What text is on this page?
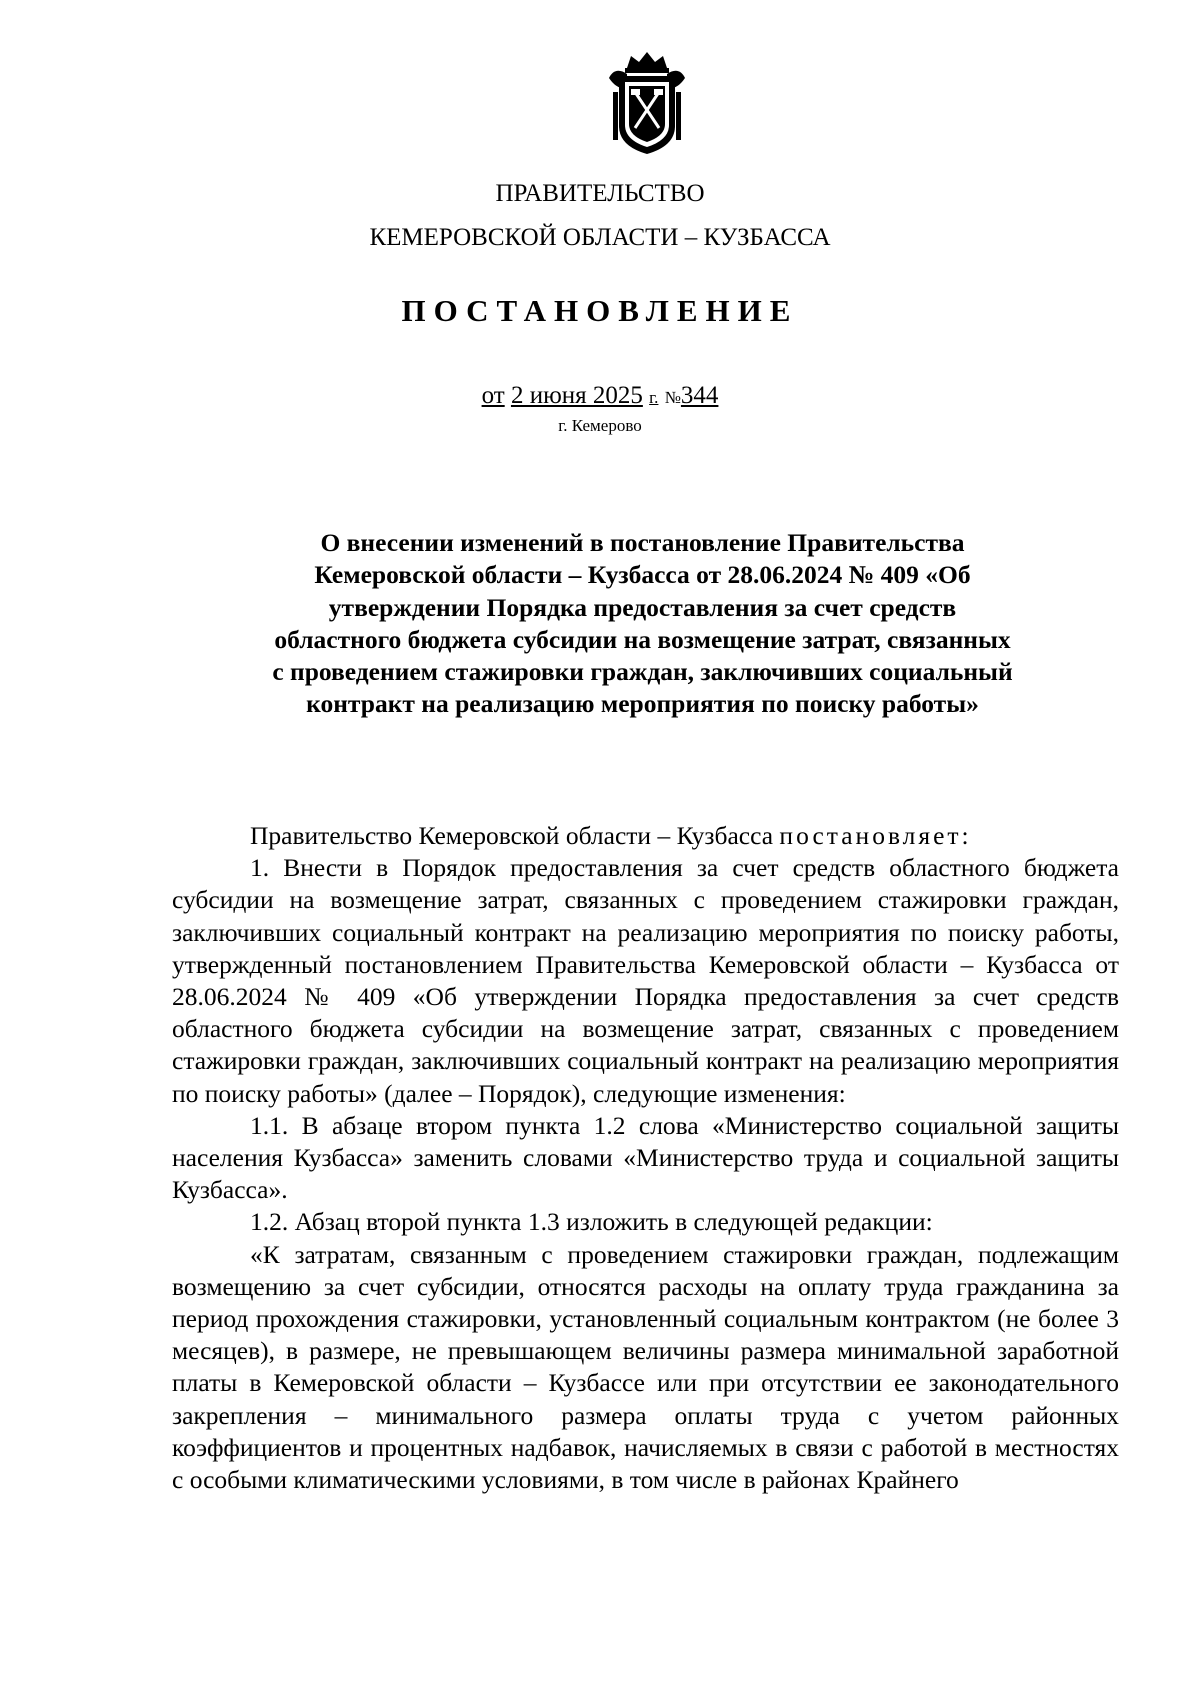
ПРАВИТЕЛЬСТВО
КЕМЕРОВСКОЙ ОБЛАСТИ – КУЗБАССА
ПОСТАНОВЛЕНИЕ
от 2 июня 2025 г. №344
г. Кемерово
О внесении изменений в постановление Правительства Кемеровской области – Кузбасса от 28.06.2024 № 409 «Об утверждении Порядка предоставления за счет средств областного бюджета субсидии на возмещение затрат, связанных с проведением стажировки граждан, заключивших социальный контракт на реализацию мероприятия по поиску работы»

Правительство Кемеровской области – Кузбасса постановляет:

1. Внести в Порядок предоставления за счет средств областного бюджета субсидии на возмещение затрат, связанных с проведением стажировки граждан, заключивших социальный контракт на реализацию мероприятия по поиску работы, утвержденный постановлением Правительства Кемеровской области – Кузбасса от 28.06.2024 № 409 «Об утверждении Порядка предоставления за счет средств областного бюджета субсидии на возмещение затрат, связанных с проведением стажировки граждан, заключивших социальный контракт на реализацию мероприятия по поиску работы» (далее – Порядок), следующие изменения:

1.1. В абзаце втором пункта 1.2 слова «Министерство социальной защиты населения Кузбасса» заменить словами «Министерство труда и социальной защиты Кузбасса».

1.2. Абзац второй пункта 1.3 изложить в следующей редакции:

«К затратам, связанным с проведением стажировки граждан, подлежащим возмещению за счет субсидии, относятся расходы на оплату труда гражданина за период прохождения стажировки, установленный социальным контрактом (не более 3 месяцев), в размере, не превышающем величины размера минимальной заработной платы в Кемеровской области – Кузбассе или при отсутствии ее законодательного закрепления – минимального размера оплаты труда с учетом районных коэффициентов и процентных надбавок, начисляемых в связи с работой в местностях с особыми климатическими условиями, в том числе в районах Крайнего
